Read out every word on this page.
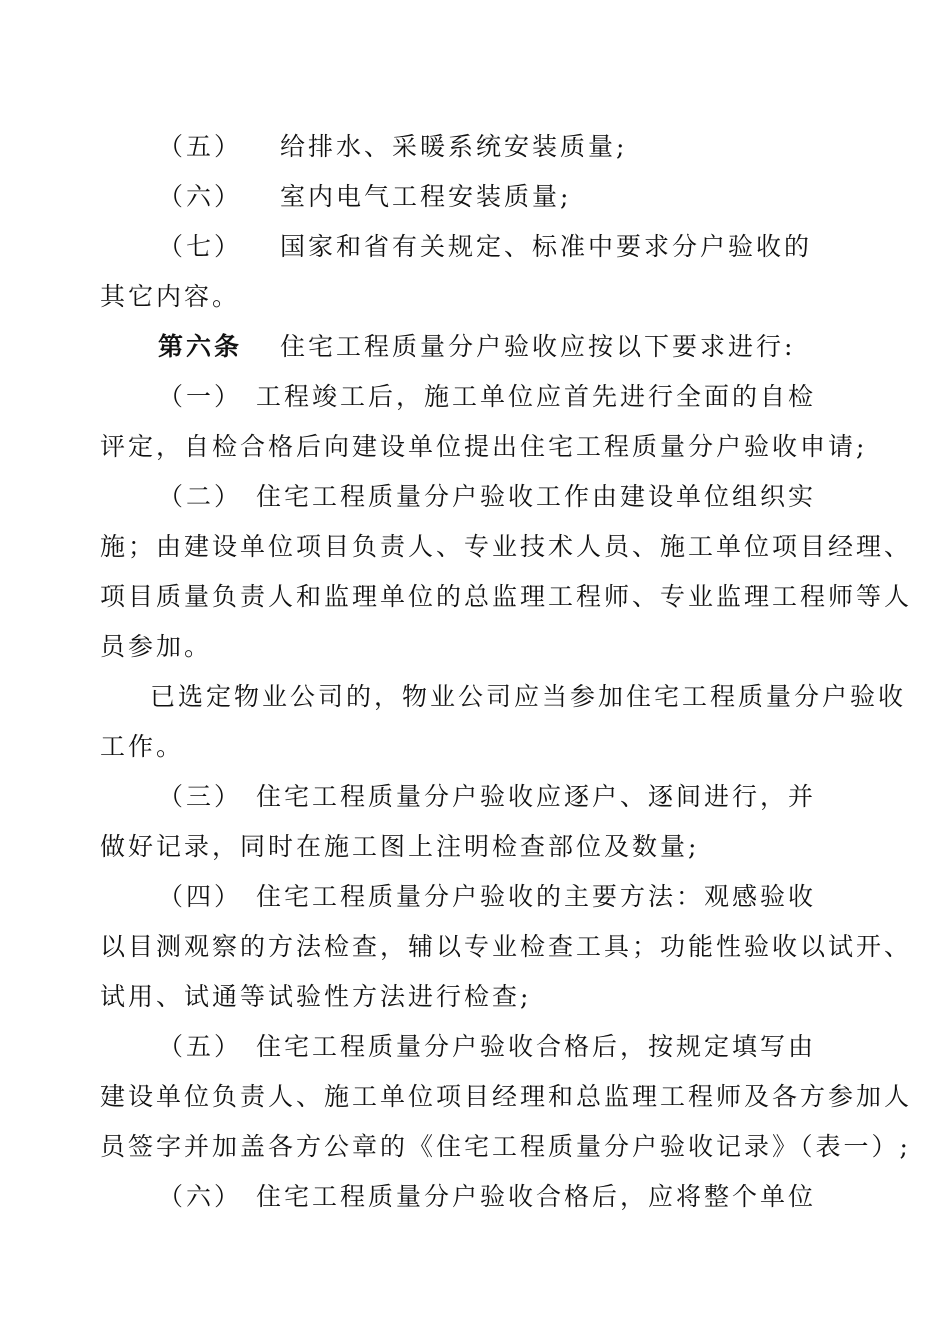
（五） 给排水、采暖系统安装质量;
（六） 室内电气工程安装质量;
（七） 国家和省有关规定、标准中要求分户验收的
其它内容。
第六条 住宅工程质量分户验收应按以下要求进行:
（一） 工程竣工后，施工单位应首先进行全面的自检
评定，自检合格后向建设单位提出住宅工程质量分户验收申请;
（二） 住宅工程质量分户验收工作由建设单位组织实
施；由建设单位项目负责人、专业技术人员、施工单位项目经理、
项目质量负责人和监理单位的总监理工程师、专业监理工程师等人
员参加。
已选定物业公司的，物业公司应当参加住宅工程质量分户验收
工作。
（三） 住宅工程质量分户验收应逐户、逐间进行，并
做好记录，同时在施工图上注明检查部位及数量;
（四） 住宅工程质量分户验收的主要方法：观感验收
以目测观察的方法检查，辅以专业检查工具；功能性验收以试开、
试用、试通等试验性方法进行检查;
（五） 住宅工程质量分户验收合格后，按规定填写由
建设单位负责人、施工单位项目经理和总监理工程师及各方参加人
员签字并加盖各方公章的《住宅工程质量分户验收记录》（表一）;
（六） 住宅工程质量分户验收合格后，应将整个单位
